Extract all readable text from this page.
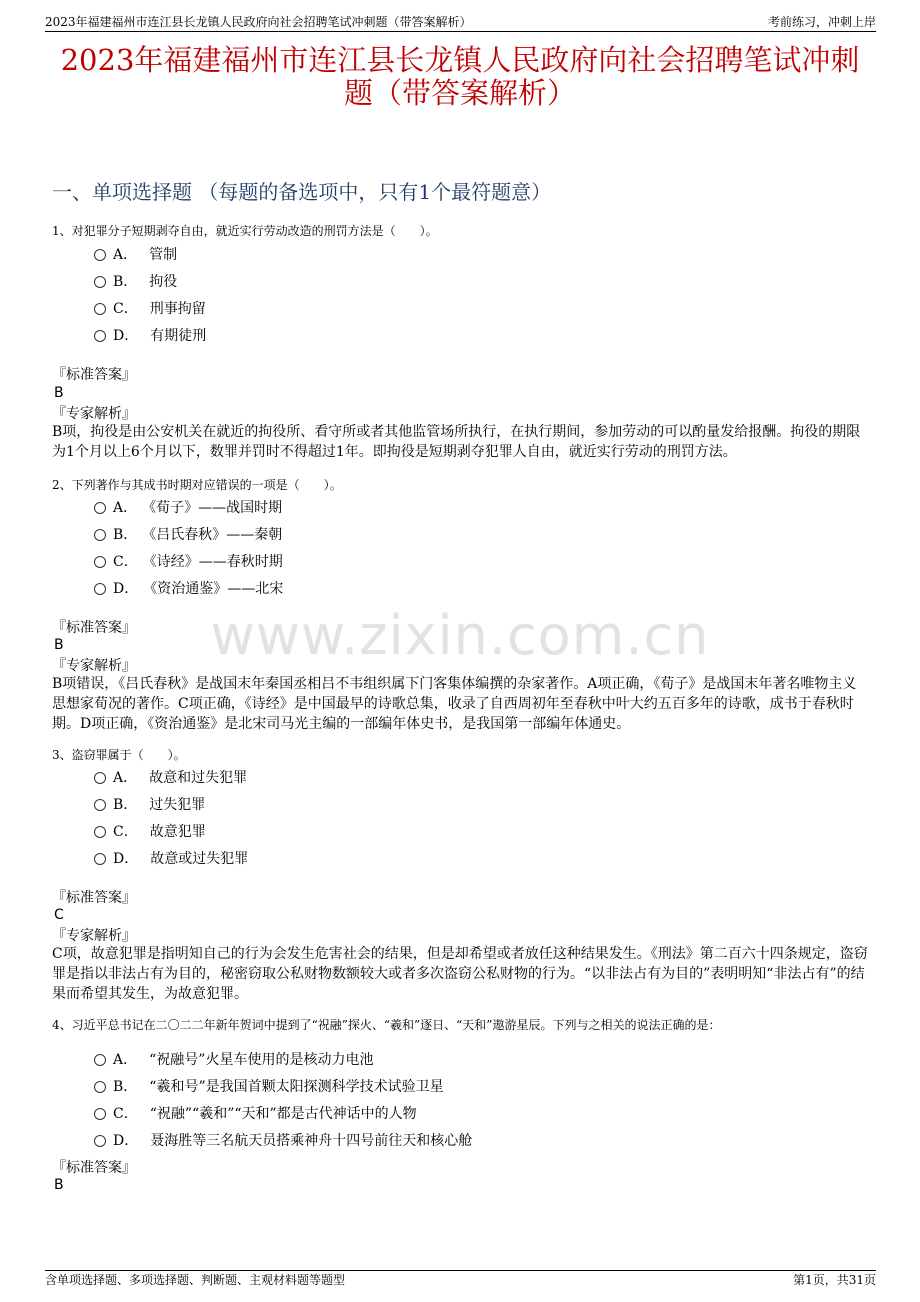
2023年福建福州市连江县长龙镇人民政府向社会招聘笔试冲刺题（带答案解析）	考前练习，冲刺上岸
2023年福建福州市连江县长龙镇人民政府向社会招聘笔试冲刺
题（带答案解析）
一、单项选择题 （每题的备选项中，只有1个最符题意）
www.zixin.com.cn
1、对犯罪分子短期剥夺自由，就近实行劳动改造的刑罚方法是（　　）。
A． 管制
B． 拘役
C． 刑事拘留
D． 有期徒刑
『标准答案』
B
『专家解析』
B项，拘役是由公安机关在就近的拘役所、看守所或者其他监管场所执行，在执行期间，参加劳动的可以酌量发给报酬。拘役的期限为1个月以上6个月以下，数罪并罚时不得超过1年。即拘役是短期剥夺犯罪人自由，就近实行劳动的刑罚方法。
2、下列著作与其成书时期对应错误的一项是（　　）。
A． 《荀子》——战国时期
B． 《吕氏春秋》——秦朝
C． 《诗经》——春秋时期
D． 《资治通鉴》——北宋
『标准答案』
B
『专家解析』
B项错误，《吕氏春秋》是战国末年秦国丞相吕不韦组织属下门客集体编撰的杂家著作。A项正确，《荀子》是战国末年著名唯物主义思想家荀况的著作。C项正确，《诗经》是中国最早的诗歌总集，收录了自西周初年至春秋中叶大约五百多年的诗歌，成书于春秋时期。D项正确，《资治通鉴》是北宋司马光主编的一部编年体史书，是我国第一部编年体通史。
3、盗窃罪属于（　　）。
A． 故意和过失犯罪
B． 过失犯罪
C． 故意犯罪
D． 故意或过失犯罪
『标准答案』
C
『专家解析』
C项，故意犯罪是指明知自己的行为会发生危害社会的结果，但是却希望或者放任这种结果发生。《刑法》第二百六十四条规定，盗窃罪是指以非法占有为目的，秘密窃取公私财物数额较大或者多次盗窃公私财物的行为。“以非法占有为目的”表明明知“非法占有”的结果而希望其发生，为故意犯罪。
4、习近平总书记在二〇二二年新年贺词中提到了“祝融”探火、“羲和”逐日、“天和”遨游星辰。下列与之相关的说法正确的是：
A． “祝融号”火星车使用的是核动力电池
B． “羲和号”是我国首颗太阳探测科学技术试验卫星
C． “祝融”“羲和”“天和”都是古代神话中的人物
D． 聂海胜等三名航天员搭乘神舟十四号前往天和核心舱
『标准答案』
B
含单项选择题、多项选择题、判断题、主观材料题等题型	第1页，共31页
